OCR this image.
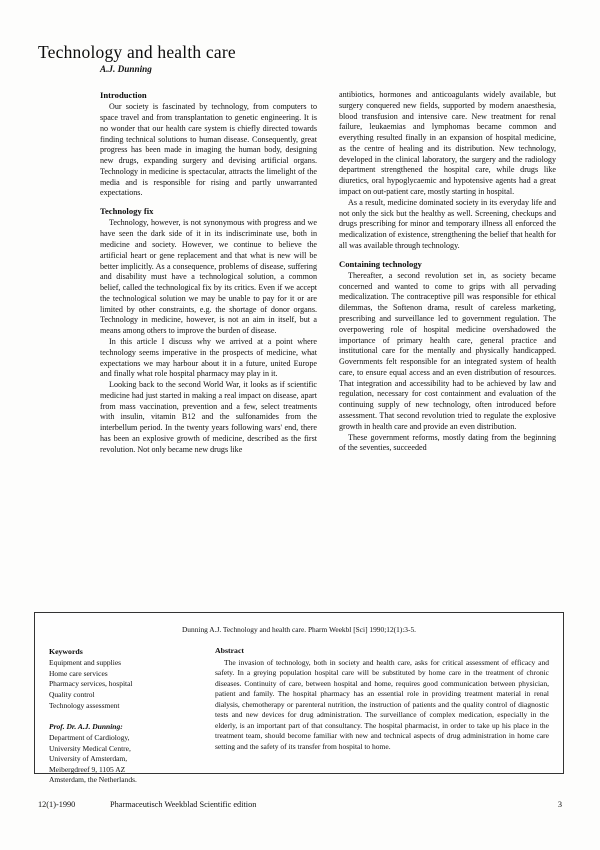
Technology and health care
A.J. Dunning
Introduction

Our society is fascinated by technology, from computers to space travel and from transplantation to genetic engineering. It is no wonder that our health care system is chiefly directed towards finding technical solutions to human disease. Consequently, great progress has been made in imaging the human body, designing new drugs, expanding surgery and devising artificial organs. Technology in medicine is spectacular, attracts the limelight of the media and is responsible for rising and partly unwarranted expectations.

Technology fix

Technology, however, is not synonymous with progress and we have seen the dark side of it in its indiscriminate use, both in medicine and society. However, we continue to believe the artificial heart or gene replacement and that what is new will be better implicitly. As a consequence, problems of disease, suffering and disability must have a technological solution, a common belief, called the technological fix by its critics. Even if we accept the technological solution we may be unable to pay for it or are limited by other constraints, e.g. the shortage of donor organs. Technology in medicine, however, is not an aim in itself, but a means among others to improve the burden of disease.

In this article I discuss why we arrived at a point where technology seems imperative in the prospects of medicine, what expectations we may harbour about it in a future, united Europe and finally what role hospital pharmacy may play in it.

Looking back to the second World War, it looks as if scientific medicine had just started in making a real impact on disease, apart from mass vaccination, prevention and a few, select treatments with insulin, vitamin B12 and the sulfonamides from the interbellum period. In the twenty years following wars' end, there has been an explosive growth of medicine, described as the first revolution. Not only became new drugs like

antibiotics, hormones and anticoagulants widely available, but surgery conquered new fields, supported by modern anaesthesia, blood transfusion and intensive care. New treatment for renal failure, leukaemias and lymphomas became common and everything resulted finally in an expansion of hospital medicine, as the centre of healing and its distribution. New technology, developed in the clinical laboratory, the surgery and the radiology department strengthened the hospital care, while drugs like diuretics, oral hypoglycaemic and hypotensive agents had a great impact on out-patient care, mostly starting in hospital.

As a result, medicine dominated society in its everyday life and not only the sick but the healthy as well. Screening, checkups and drugs prescribing for minor and temporary illness all enforced the medicalization of existence, strengthening the belief that health for all was available through technology.

Containing technology

Thereafter, a second revolution set in, as society became concerned and wanted to come to grips with all pervading medicalization. The contraceptive pill was responsible for ethical dilemmas, the Softenon drama, result of careless marketing, prescribing and surveillance led to government regulation. The overpowering role of hospital medicine overshadowed the importance of primary health care, general practice and institutional care for the mentally and physically handicapped. Governments felt responsible for an integrated system of health care, to ensure equal access and an even distribution of resources. That integration and accessibility had to be achieved by law and regulation, necessary for cost containment and evaluation of the continuing supply of new technology, often introduced before assessment. That second revolution tried to regulate the explosive growth in health care and provide an even distribution.

These government reforms, mostly dating from the beginning of the seventies, succeeded

Dunning A.J. Technology and health care. Pharm Weekbl [Sci] 1990;12(1):3-5.
Keywords
Equipment and supplies
Home care services
Pharmacy services, hospital
Quality control
Technology assessment
Prof. Dr. A.J. Dunning:
Department of Cardiology,
University Medical Centre,
University of Amsterdam,
Meibergdreef 9, 1105 AZ
Amsterdam, the Netherlands.
Abstract

The invasion of technology, both in society and health care, asks for critical assessment of efficacy and safety. In a greying population hospital care will be substituted by home care in the treatment of chronic diseases. Continuity of care, between hospital and home, requires good communication between physician, patient and family. The hospital pharmacy has an essential role in providing treatment material in renal dialysis, chemotherapy or parenteral nutrition, the instruction of patients and the quality control of diagnostic tests and new devices for drug administration. The surveillance of complex medication, especially in the elderly, is an important part of that consultancy. The hospital pharmacist, in order to take up his place in the treatment team, should become familiar with new and technical aspects of drug administration in home care setting and the safety of its transfer from hospital to home.

12(1)-1990	Pharmaceutisch Weekblad Scientific edition	3
